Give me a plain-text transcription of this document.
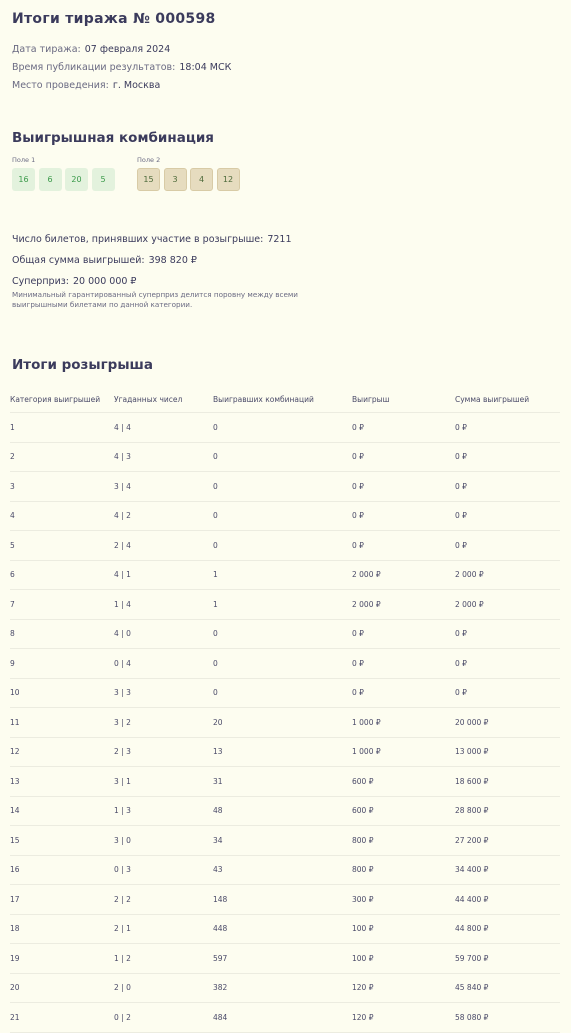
Итоги тиража № 000598
Дата тиража: 07 февраля 2024
Время публикации результатов: 18:04 МСК
Место проведения: г. Москва
Выигрышная комбинация
Поле 1
16	6	20	5
Поле 2
15	3	4	12
Число билетов, принявших участие в розыгрыше: 7211
Общая сумма выигрышей: 398 820 ₽
Суперприз: 20 000 000 ₽
Минимальный гарантированный суперприз делится поровну между всеми выигрышными билетами по данной категории.
Итоги розыгрыша
Категория выигрышей	Угаданных чисел	Выигравших комбинаций	Выигрыш	Сумма выигрышей
1	4 | 4	0	0 ₽	0 ₽
2	4 | 3	0	0 ₽	0 ₽
3	3 | 4	0	0 ₽	0 ₽
4	4 | 2	0	0 ₽	0 ₽
5	2 | 4	0	0 ₽	0 ₽
6	4 | 1	1	2 000 ₽	2 000 ₽
7	1 | 4	1	2 000 ₽	2 000 ₽
8	4 | 0	0	0 ₽	0 ₽
9	0 | 4	0	0 ₽	0 ₽
10	3 | 3	0	0 ₽	0 ₽
11	3 | 2	20	1 000 ₽	20 000 ₽
12	2 | 3	13	1 000 ₽	13 000 ₽
13	3 | 1	31	600 ₽	18 600 ₽
14	1 | 3	48	600 ₽	28 800 ₽
15	3 | 0	34	800 ₽	27 200 ₽
16	0 | 3	43	800 ₽	34 400 ₽
17	2 | 2	148	300 ₽	44 400 ₽
18	2 | 1	448	100 ₽	44 800 ₽
19	1 | 2	597	100 ₽	59 700 ₽
20	2 | 0	382	120 ₽	45 840 ₽
21	0 | 2	484	120 ₽	58 080 ₽
